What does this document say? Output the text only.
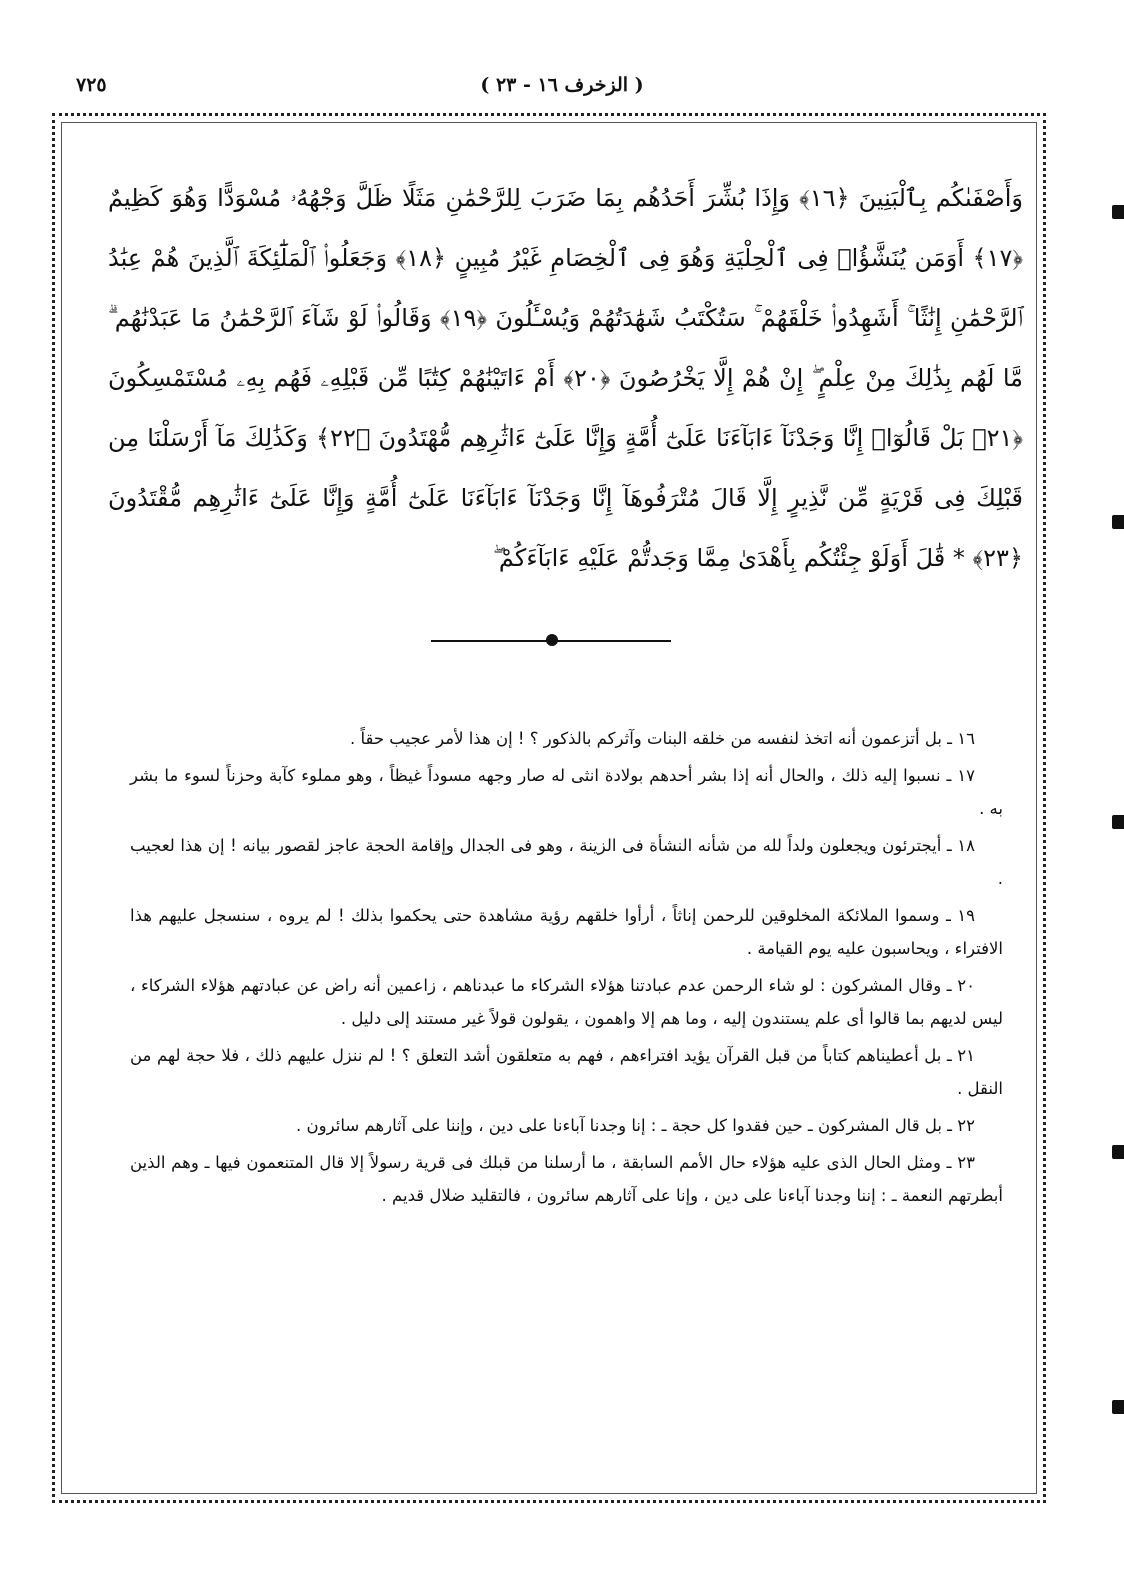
٧٢٥	( الزخرف ١٦ - ٢٣ )
وَأَصْفَىٰكُم بِٱلْبَنِينَ ﴿١٦﴾ وَإِذَا بُشِّرَ أَحَدُهُم بِمَا ضَرَبَ لِلرَّحْمَٰنِ مَثَلًا ظَلَّ وَجْهُهُۥ مُسْوَدًّا وَهُوَ كَظِيمٌ ﴿١٧﴾ أَوَمَن يُنَشَّؤُا۟ فِى ٱلْحِلْيَةِ وَهُوَ فِى ٱلْخِصَامِ غَيْرُ مُبِينٍ ﴿١٨﴾ وَجَعَلُوا۟ ٱلْمَلَٰٓئِكَةَ ٱلَّذِينَ هُمْ عِبَٰدُ ٱلرَّحْمَٰنِ إِنَٰثًا ۚ أَشَهِدُوا۟ خَلْقَهُمْ ۚ سَتُكْتَبُ شَهَٰدَتُهُمْ وَيُسْـَٔلُونَ ﴿١٩﴾ وَقَالُوا۟ لَوْ شَآءَ ٱلرَّحْمَٰنُ مَا عَبَدْنَٰهُم ۗ مَّا لَهُم بِذَٰلِكَ مِنْ عِلْمٍ ۖ إِنْ هُمْ إِلَّا يَخْرُصُونَ ﴿٢٠﴾ أَمْ ءَاتَيْنَٰهُمْ كِتَٰبًا مِّن قَبْلِهِۦ فَهُم بِهِۦ مُسْتَمْسِكُونَ ﴿٢١﴾ بَلْ قَالُوٓا۟ إِنَّا وَجَدْنَآ ءَابَآءَنَا عَلَىٰٓ أُمَّةٍ وَإِنَّا عَلَىٰٓ ءَاثَٰرِهِم مُّهْتَدُونَ ﴿٢٢﴾ وَكَذَٰلِكَ مَآ أَرْسَلْنَا مِن قَبْلِكَ فِى قَرْيَةٍ مِّن نَّذِيرٍ إِلَّا قَالَ مُتْرَفُوهَآ إِنَّا وَجَدْنَآ ءَابَآءَنَا عَلَىٰٓ أُمَّةٍ وَإِنَّا عَلَىٰٓ ءَاثَٰرِهِم مُّقْتَدُونَ ﴿٢٣﴾ * قَٰلَ أَوَلَوْ جِئْتُكُم بِأَهْدَىٰ مِمَّا وَجَدتُّمْ عَلَيْهِ ءَابَآءَكُمْ ۖ

١٦ ـ بل أتزعمون أنه اتخذ لنفسه من خلقه البنات وآثركم بالذكور ؟ ! إن هذا لأمر عجيب حقاً .

١٧ ـ نسبوا إليه ذلك ، والحال أنه إذا بشر أحدهم بولادة انثى له صار وجهه مسوداً غيظاً ، وهو مملوء كآبة وحزناً لسوء ما بشر به .

١٨ ـ أيجترئون ويجعلون ولداً لله من شأنه النشأة فى الزينة ، وهو فى الجدال وإقامة الحجة عاجز لقصور بيانه ! إن هذا لعجيب .

١٩ ـ وسموا الملائكة المخلوقين للرحمن إناثاً ، أرأوا خلقهم رؤية مشاهدة حتى يحكموا بذلك ! لم يروه ، سنسجل عليهم هذا الافتراء ، ويحاسبون عليه يوم القيامة .

٢٠ ـ وقال المشركون : لو شاء الرحمن عدم عبادتنا هؤلاء الشركاء ما عبدناهم ، زاعمين أنه راض عن عبادتهم هؤلاء الشركاء ، ليس لديهم بما قالوا أى علم يستندون إليه ، وما هم إلا واهمون ، يقولون قولاً غير مستند إلى دليل .

٢١ ـ بل أعطيناهم كتاباً من قبل القرآن يؤيد افتراءهم ، فهم به متعلقون أشد التعلق ؟ ! لم ننزل عليهم ذلك ، فلا حجة لهم من النقل .

٢٢ ـ بل قال المشركون ـ حين فقدوا كل حجة ـ : إنا وجدنا آباءنا على دين ، وإننا على آثارهم سائرون .

٢٣ ـ ومثل الحال الذى عليه هؤلاء حال الأمم السابقة ، ما أرسلنا من قبلك فى قرية رسولاً إلا قال المتنعمون فيها ـ وهم الذين أبطرتهم النعمة ـ : إننا وجدنا آباءنا على دين ، وإنا على آثارهم سائرون ، فالتقليد ضلال قديم .
